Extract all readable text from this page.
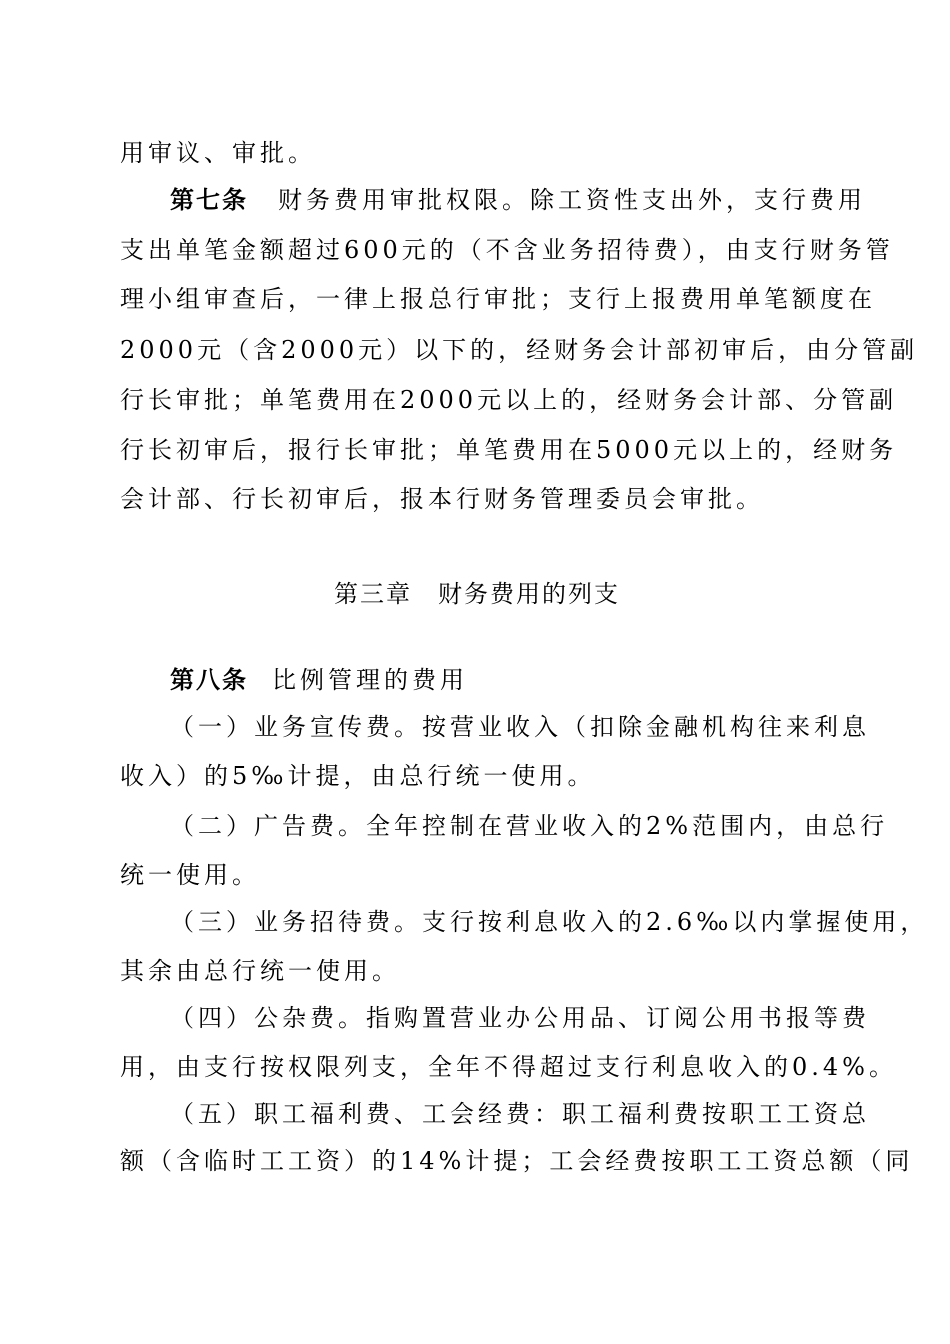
用审议、审批。
第七条 财务费用审批权限。除工资性支出外，支行费用
支出单笔金额超过600元的（不含业务招待费），由支行财务管
理小组审查后，一律上报总行审批；支行上报费用单笔额度在
2000元（含2000元）以下的，经财务会计部初审后，由分管副
行长审批；单笔费用在2000元以上的，经财务会计部、分管副
行长初审后，报行长审批；单笔费用在5000元以上的，经财务
会计部、行长初审后，报本行财务管理委员会审批。
第三章　财务费用的列支
第八条 比例管理的费用
（一）业务宣传费。按营业收入（扣除金融机构往来利息
收入）的5‰计提，由总行统一使用。
（二）广告费。全年控制在营业收入的2%范围内，由总行
统一使用。
（三）业务招待费。支行按利息收入的2.6‰以内掌握使用，
其余由总行统一使用。
（四）公杂费。指购置营业办公用品、订阅公用书报等费
用，由支行按权限列支，全年不得超过支行利息收入的0.4%。
（五）职工福利费、工会经费：职工福利费按职工工资总
额（含临时工工资）的14%计提；工会经费按职工工资总额（同
